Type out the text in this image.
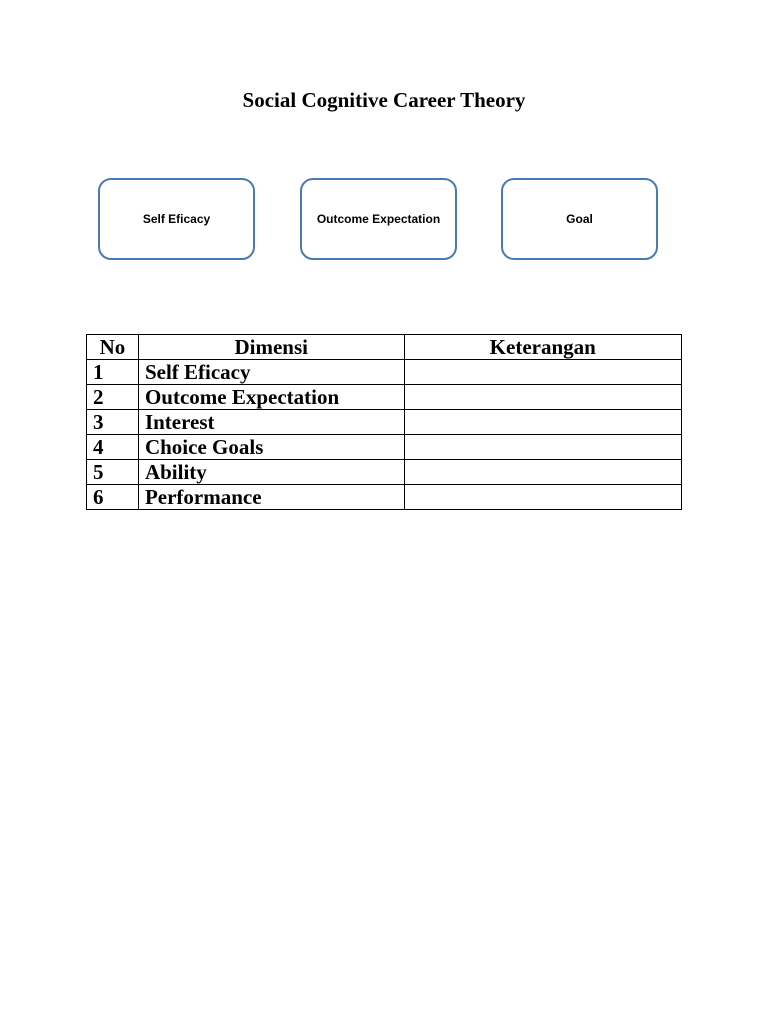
Social Cognitive Career Theory
Self Eficacy	Outcome Expectation	Goal
No	Dimensi	Keterangan
1	Self Eficacy	
2	Outcome Expectation	
3	Interest	
4	Choice Goals	
5	Ability	
6	Performance	
